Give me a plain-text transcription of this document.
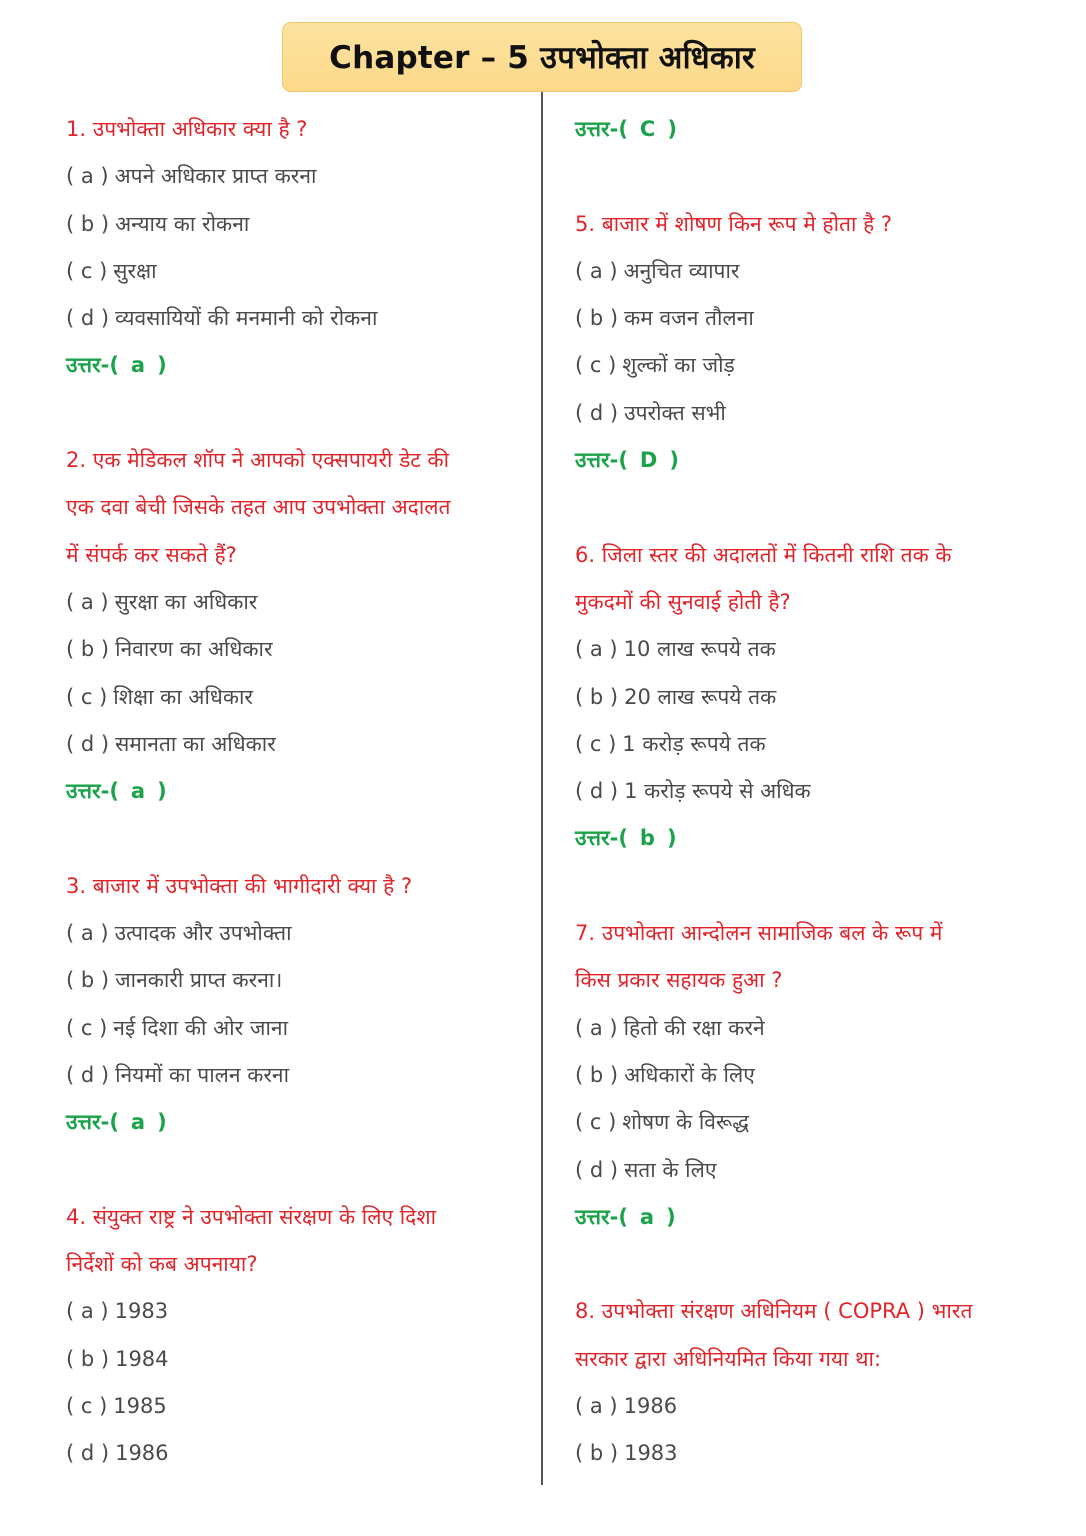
Chapter – 5 उपभोक्ता अधिकार
1. उपभोक्ता अधिकार क्या है ?
( a ) अपने अधिकार प्राप्त करना
( b ) अन्याय का रोकना
( c ) सुरक्षा
( d ) व्यवसायियों की मनमानी को रोकना
उत्तर-( a )
2. एक मेडिकल शॉप ने आपको एक्सपायरी डेट की
एक दवा बेची जिसके तहत आप उपभोक्ता अदालत
में संपर्क कर सकते हैं?
( a ) सुरक्षा का अधिकार
( b ) निवारण का अधिकार
( c ) शिक्षा का अधिकार
( d ) समानता का अधिकार
उत्तर-( a )
3. बाजार में उपभोक्ता की भागीदारी क्या है ?
( a ) उत्पादक और उपभोक्ता
( b ) जानकारी प्राप्त करना।
( c ) नई दिशा की ओर जाना
( d ) नियमों का पालन करना
उत्तर-( a )
4. संयुक्त राष्ट्र ने उपभोक्ता संरक्षण के लिए दिशा
निर्देशों को कब अपनाया?
( a ) 1983
( b ) 1984
( c ) 1985
( d ) 1986
उत्तर-( C )
5. बाजार में शोषण किन रूप मे होता है ?
( a ) अनुचित व्यापार
( b ) कम वजन तौलना
( c ) शुल्कों का जोड़
( d ) उपरोक्त सभी
उत्तर-( D )
6. जिला स्तर की अदालतों में कितनी राशि तक के
मुकदमों की सुनवाई होती है?
( a ) 10 लाख रूपये तक
( b ) 20 लाख रूपये तक
( c ) 1 करोड़ रूपये तक
( d ) 1 करोड़ रूपये से अधिक
उत्तर-( b )
7. उपभोक्ता आन्दोलन सामाजिक बल के रूप में
किस प्रकार सहायक हुआ ?
( a ) हितो की रक्षा करने
( b ) अधिकारों के लिए
( c ) शोषण के विरूद्ध
( d ) सता के लिए
उत्तर-( a )
8. उपभोक्ता संरक्षण अधिनियम ( COPRA ) भारत
सरकार द्वारा अधिनियमित किया गया था:
( a ) 1986
( b ) 1983
